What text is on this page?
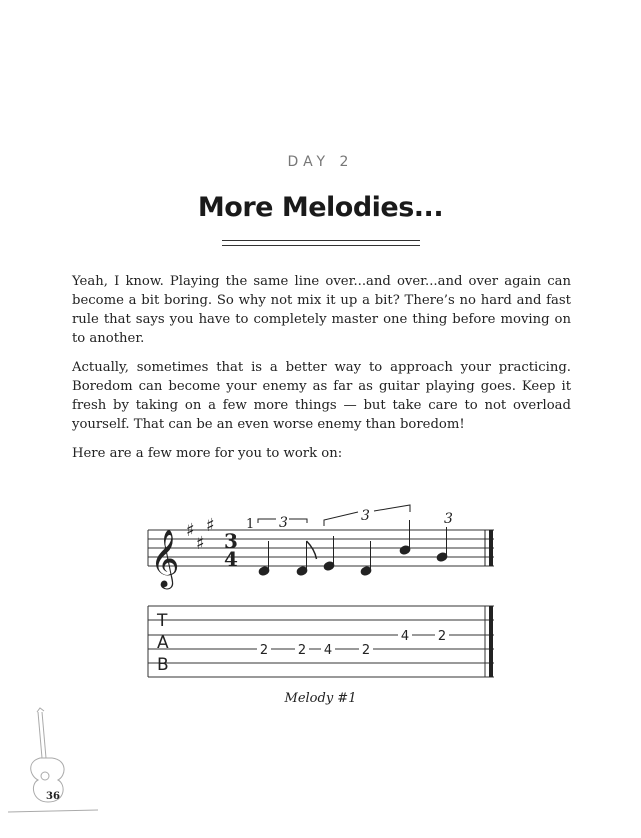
DAY 2
More Melodies...

Yeah, I know. Playing the same line over...and over...and over again can become a bit boring. So why not mix it up a bit? There’s no hard and fast rule that says you have to completely master one thing before moving on to another.

Actually, sometimes that is a better way to approach your practicing. Boredom can become your enemy as far as guitar playing goes. Keep it fresh by taking on a few more things — but take care to not overload yourself. That can be an even worse enemy than boredom!

Here are a few more for you to work on:

𝄞 ♯
♯
♯
3
4
1 3	3	3
T
A
B
2 2 4 2
4 2
Melody #1
36
